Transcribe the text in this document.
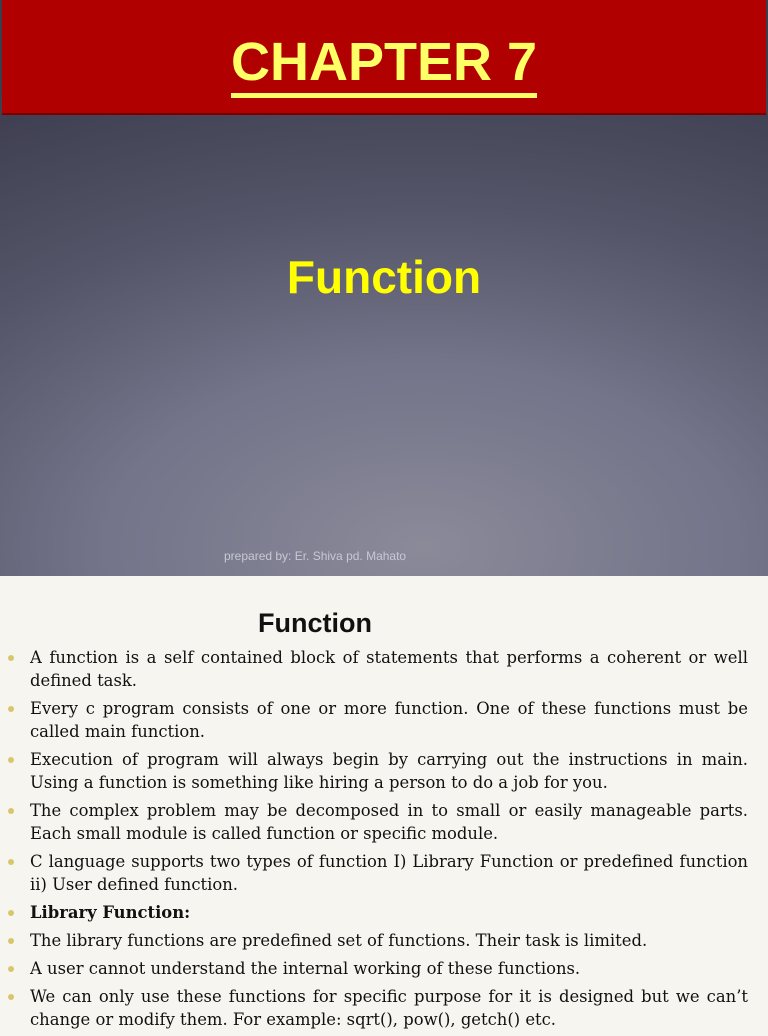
CHAPTER 7
Function
prepared by: Er. Shiva pd. Mahato
Function
A function is a self contained block of statements that performs a coherent or well defined task.
Every c program consists of one or more function. One of these functions must be called main function.
Execution of program will always begin by carrying out the instructions in main. Using a function is something like hiring a person to do a job for you.
The complex problem may be decomposed in to small or easily manageable parts. Each small module is called function or specific module.
C language supports two types of function I) Library Function or predefined function ii) User defined function.
Library Function:
The library functions are predefined set of functions. Their task is limited.
A user cannot understand the internal working of these functions.
We can only use these functions for specific purpose for it is designed but we can’t change or modify them. For example: sqrt(), pow(), getch() etc.
